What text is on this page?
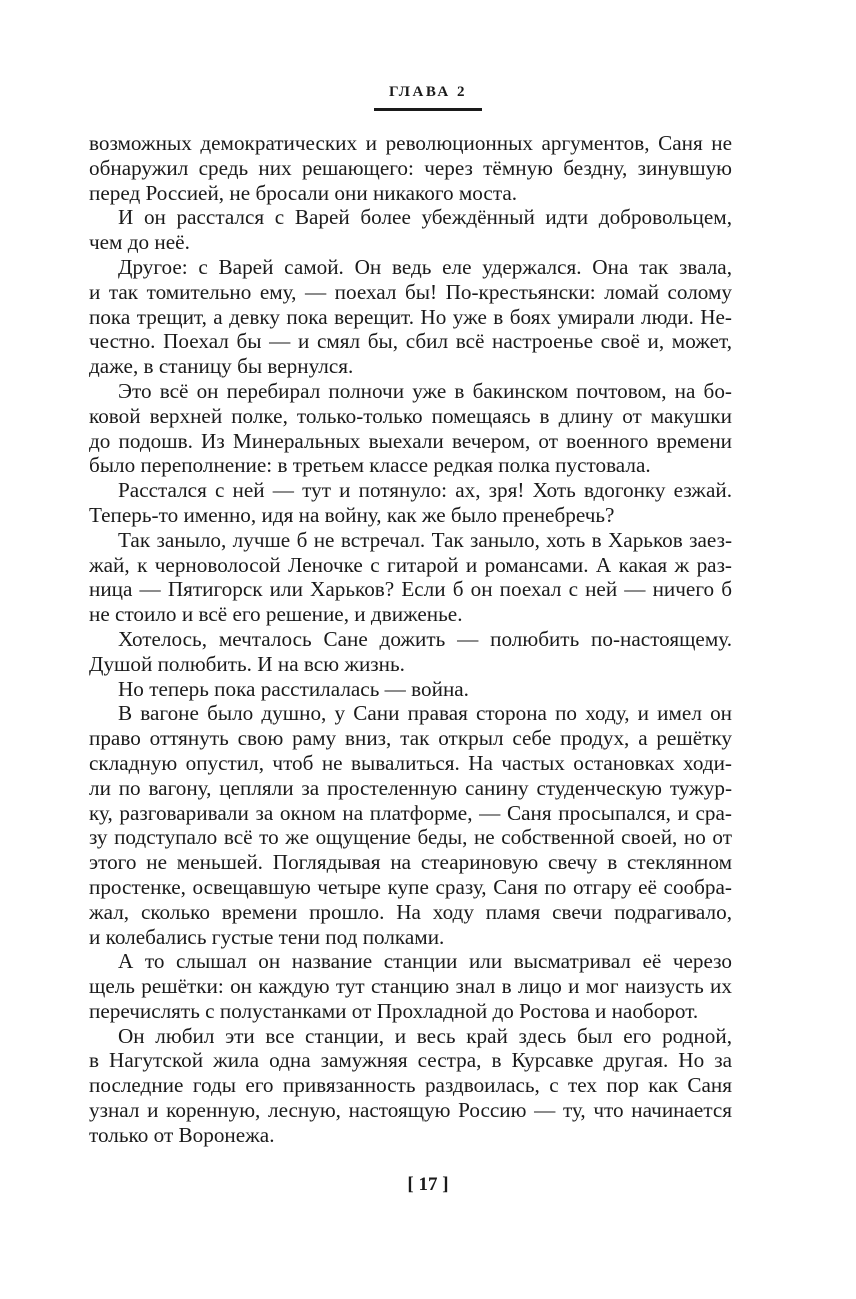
ГЛАВА 2
возможных демократических и революционных аргументов, Саня не
обнаружил средь них решающего: через тёмную бездну, зинувшую
перед Россией, не бросали они никакого моста.
И он расстался с Варей более убеждённый идти добровольцем,
чем до неё.
Другое: с Варей самой. Он ведь еле удержался. Она так звала,
и так томительно ему, — поехал бы! По-крестьянски: ломай солому
пока трещит, а девку пока верещит. Но уже в боях умирали люди. Не-
честно. Поехал бы — и смял бы, сбил всё настроенье своё и, может,
даже, в станицу бы вернулся.
Это всё он перебирал полночи уже в бакинском почтовом, на бо-
ковой верхней полке, только-только помещаясь в длину от макушки
до подошв. Из Минеральных выехали вечером, от военного времени
было переполнение: в третьем классе редкая полка пустовала.
Расстался с ней — тут и потянуло: ах, зря! Хоть вдогонку езжай.
Теперь-то именно, идя на войну, как же было пренебречь?
Так заныло, лучше б не встречал. Так заныло, хоть в Харьков заез-
жай, к черноволосой Леночке с гитарой и романсами. А какая ж раз-
ница — Пятигорск или Харьков? Если б он поехал с ней — ничего б
не стоило и всё его решение, и движенье.
Хотелось, мечталось Сане дожить — полюбить по-настоящему.
Душой полюбить. И на всю жизнь.
Но теперь пока расстилалась — война.
В вагоне было душно, у Сани правая сторона по ходу, и имел он
право оттянуть свою раму вниз, так открыл себе продух, а решётку
складную опустил, чтоб не вывалиться. На частых остановках ходи-
ли по вагону, цепляли за простеленную санину студенческую тужур-
ку, разговаривали за окном на платформе, — Саня просыпался, и сра-
зу подступало всё то же ощущение беды, не собственной своей, но от
этого не меньшей. Поглядывая на стеариновую свечу в стеклянном
простенке, освещавшую четыре купе сразу, Саня по отгару её сообра-
жал, сколько времени прошло. На ходу пламя свечи подрагивало,
и колебались густые тени под полками.
А то слышал он название станции или высматривал её черезо
щель решётки: он каждую тут станцию знал в лицо и мог наизусть их
перечислять с полустанками от Прохладной до Ростова и наоборот.
Он любил эти все станции, и весь край здесь был его родной,
в Нагутской жила одна замужняя сестра, в Курсавке другая. Но за
последние годы его привязанность раздвоилась, с тех пор как Саня
узнал и коренную, лесную, настоящую Россию — ту, что начинается
только от Воронежа.
[ 17 ]
